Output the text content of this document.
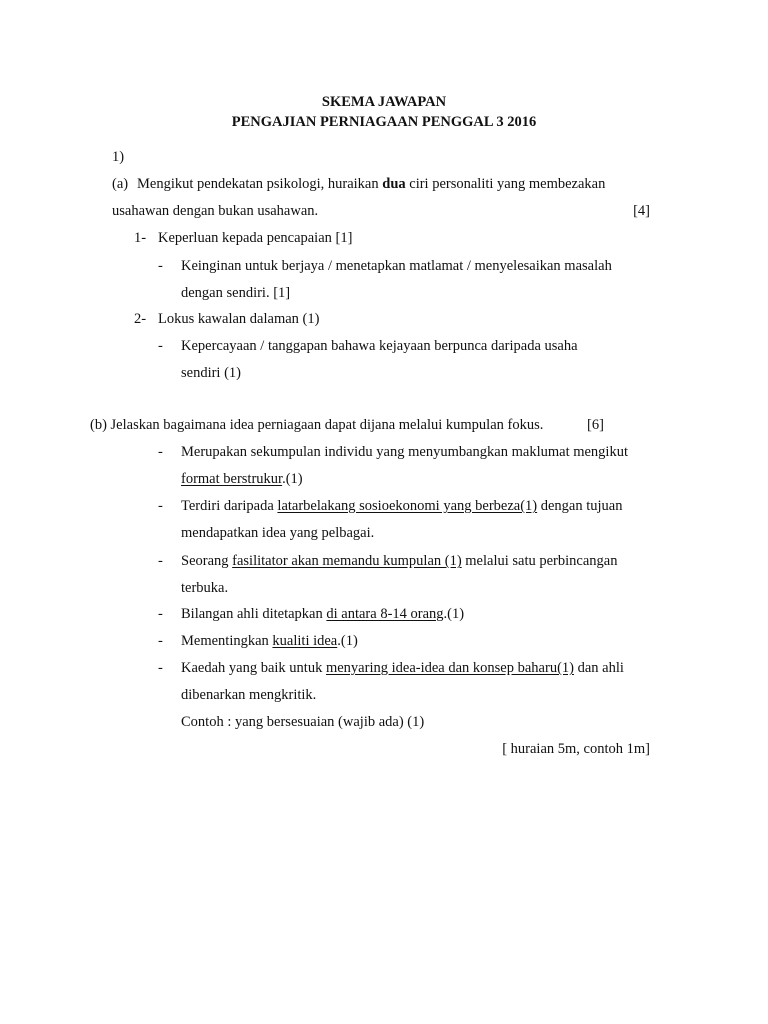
SKEMA JAWAPAN
PENGAJIAN PERNIAGAAN PENGGAL 3 2016
1)
(a) Mengikut pendekatan psikologi, huraikan dua ciri personaliti yang membezakan
usahawan dengan bukan usahawan.	[4]
1- Keperluan kepada pencapaian [1]
- Keinginan untuk berjaya / menetapkan matlamat / menyelesaikan masalah
dengan sendiri. [1]
2- Lokus kawalan dalaman (1)
- Kepercayaan / tanggapan bahawa kejayaan berpunca daripada usaha
sendiri (1)
(b) Jelaskan bagaimana idea perniagaan dapat dijana melalui kumpulan fokus.	[6]
- Merupakan sekumpulan individu yang menyumbangkan maklumat mengikut
format berstrukur.(1)
- Terdiri daripada latarbelakang sosioekonomi yang berbeza(1) dengan tujuan
mendapatkan idea yang pelbagai.
- Seorang fasilitator akan memandu kumpulan (1) melalui satu perbincangan
terbuka.
- Bilangan ahli ditetapkan di antara 8-14 orang.(1)
- Mementingkan kualiti idea.(1)
- Kaedah yang baik untuk menyaring idea-idea dan konsep baharu(1) dan ahli
dibenarkan mengkritik.
Contoh : yang bersesuaian (wajib ada) (1)
[ huraian 5m, contoh 1m]
